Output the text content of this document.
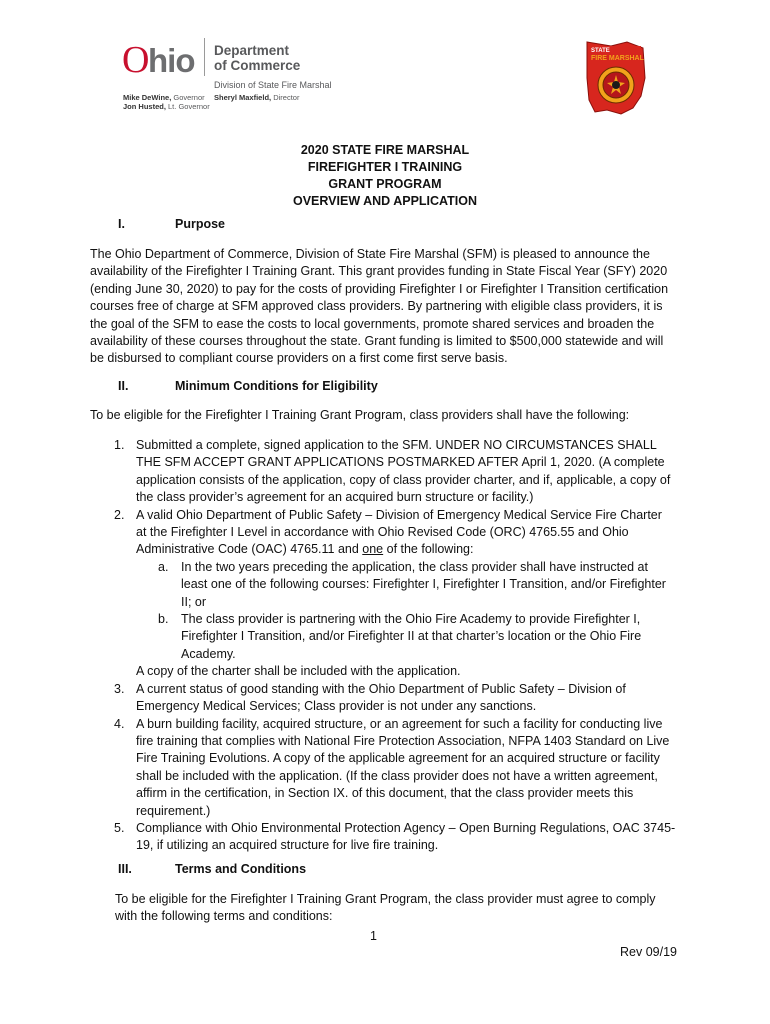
O
hio Department
of Commerce
Division of State Fire Marshal
Mike DeWine, Governor
Jon Husted, Lt. Governor
Sheryl Maxfield, Director
STATE
FIRE MARSHAL
2020 STATE FIRE MARSHAL
FIREFIGHTER I TRAINING
GRANT PROGRAM
OVERVIEW AND APPLICATION
I.	Purpose
The Ohio Department of Commerce, Division of State Fire Marshal (SFM) is pleased to announce the
availability of the Firefighter I Training Grant. This grant provides funding in State Fiscal Year (SFY) 2020
(ending June 30, 2020) to pay for the costs of providing Firefighter I or Firefighter I Transition certification
courses free of charge at SFM approved class providers. By partnering with eligible class providers, it is
the goal of the SFM to ease the costs to local governments, promote shared services and broaden the
availability of these courses throughout the state. Grant funding is limited to $500,000 statewide and will
be disbursed to compliant course providers on a first come first serve basis.
II.	Minimum Conditions for Eligibility
To be eligible for the Firefighter I Training Grant Program, class providers shall have the following:
1. Submitted a complete, signed application to the SFM. UNDER NO CIRCUMSTANCES SHALL
THE SFM ACCEPT GRANT APPLICATIONS POSTMARKED AFTER April 1, 2020. (A complete
application consists of the application, copy of class provider charter, and if, applicable, a copy of
the class provider’s agreement for an acquired burn structure or facility.)
2. A valid Ohio Department of Public Safety – Division of Emergency Medical Service Fire Charter
at the Firefighter I Level in accordance with Ohio Revised Code (ORC) 4765.55 and Ohio
Administrative Code (OAC) 4765.11 and one of the following:
a. In the two years preceding the application, the class provider shall have instructed at
least one of the following courses: Firefighter I, Firefighter I Transition, and/or Firefighter
II; or
b. The class provider is partnering with the Ohio Fire Academy to provide Firefighter I,
Firefighter I Transition, and/or Firefighter II at that charter’s location or the Ohio Fire
Academy.
A copy of the charter shall be included with the application.
3. A current status of good standing with the Ohio Department of Public Safety – Division of
Emergency Medical Services; Class provider is not under any sanctions.
4. A burn building facility, acquired structure, or an agreement for such a facility for conducting live
fire training that complies with National Fire Protection Association, NFPA 1403 Standard on Live
Fire Training Evolutions. A copy of the applicable agreement for an acquired structure or facility
shall be included with the application. (If the class provider does not have a written agreement,
affirm in the certification, in Section IX. of this document, that the class provider meets this
requirement.)
5. Compliance with Ohio Environmental Protection Agency – Open Burning Regulations, OAC 3745-
19, if utilizing an acquired structure for live fire training.
III.	Terms and Conditions
To be eligible for the Firefighter I Training Grant Program, the class provider must agree to comply
with the following terms and conditions:
1
Rev 09/19
